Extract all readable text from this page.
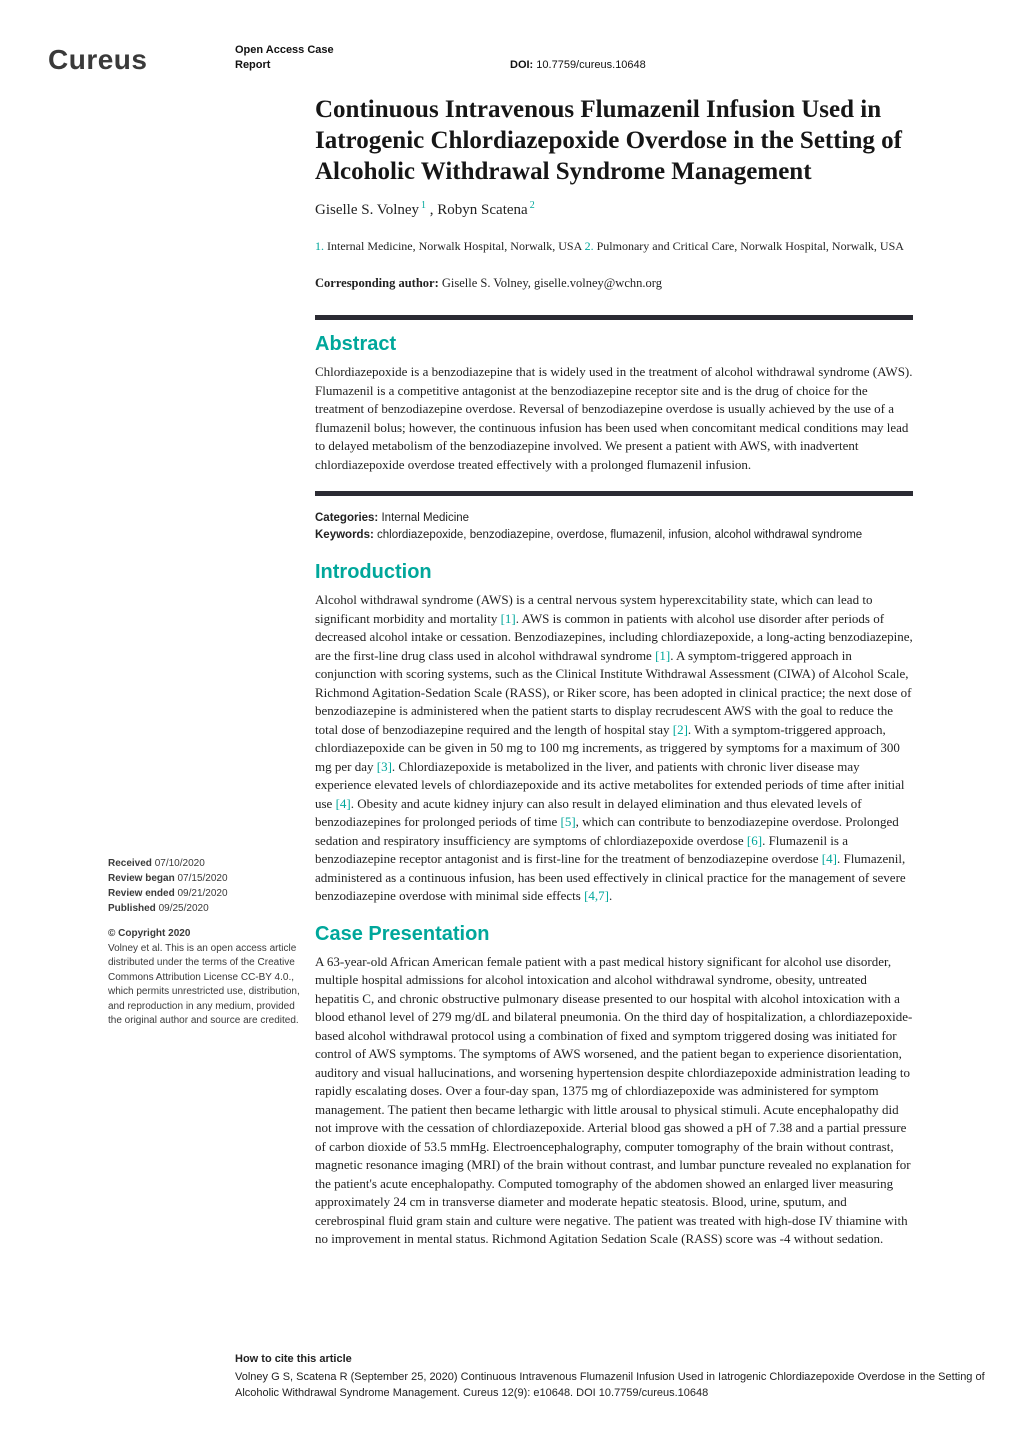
Cureus	Open Access Case
Report	DOI: 10.7759/cureus.10648
Continuous Intravenous Flumazenil Infusion Used in Iatrogenic Chlordiazepoxide Overdose in the Setting of Alcoholic Withdrawal Syndrome Management
Giselle S. Volney $^1$ , Robyn Scatena $^2$
1. Internal Medicine, Norwalk Hospital, Norwalk, USA 2. Pulmonary and Critical Care, Norwalk Hospital, Norwalk, USA
Corresponding author: Giselle S. Volney, giselle.volney@wchn.org
Abstract

Chlordiazepoxide is a benzodiazepine that is widely used in the treatment of alcohol withdrawal syndrome (AWS). Flumazenil is a competitive antagonist at the benzodiazepine receptor site and is the drug of choice for the treatment of benzodiazepine overdose. Reversal of benzodiazepine overdose is usually achieved by the use of a flumazenil bolus; however, the continuous infusion has been used when concomitant medical conditions may lead to delayed metabolism of the benzodiazepine involved. We present a patient with AWS, with inadvertent chlordiazepoxide overdose treated effectively with a prolonged flumazenil infusion.

Categories: Internal Medicine
Keywords: chlordiazepoxide, benzodiazepine, overdose, flumazenil, infusion, alcohol withdrawal syndrome
Introduction

Alcohol withdrawal syndrome (AWS) is a central nervous system hyperexcitability state, which can lead to significant morbidity and mortality [1]. AWS is common in patients with alcohol use disorder after periods of decreased alcohol intake or cessation. Benzodiazepines, including chlordiazepoxide, a long-acting benzodiazepine, are the first-line drug class used in alcohol withdrawal syndrome [1]. A symptom-triggered approach in conjunction with scoring systems, such as the Clinical Institute Withdrawal Assessment (CIWA) of Alcohol Scale, Richmond Agitation-Sedation Scale (RASS), or Riker score, has been adopted in clinical practice; the next dose of benzodiazepine is administered when the patient starts to display recrudescent AWS with the goal to reduce the total dose of benzodiazepine required and the length of hospital stay [2]. With a symptom-triggered approach, chlordiazepoxide can be given in 50 mg to 100 mg increments, as triggered by symptoms for a maximum of 300 mg per day [3]. Chlordiazepoxide is metabolized in the liver, and patients with chronic liver disease may experience elevated levels of chlordiazepoxide and its active metabolites for extended periods of time after initial use [4]. Obesity and acute kidney injury can also result in delayed elimination and thus elevated levels of benzodiazepines for prolonged periods of time [5], which can contribute to benzodiazepine overdose. Prolonged sedation and respiratory insufficiency are symptoms of chlordiazepoxide overdose [6]. Flumazenil is a benzodiazepine receptor antagonist and is first-line for the treatment of benzodiazepine overdose [4]. Flumazenil, administered as a continuous infusion, has been used effectively in clinical practice for the management of severe benzodiazepine overdose with minimal side effects [4,7].

Case Presentation

A 63-year-old African American female patient with a past medical history significant for alcohol use disorder, multiple hospital admissions for alcohol intoxication and alcohol withdrawal syndrome, obesity, untreated hepatitis C, and chronic obstructive pulmonary disease presented to our hospital with alcohol intoxication with a blood ethanol level of 279 mg/dL and bilateral pneumonia. On the third day of hospitalization, a chlordiazepoxide-based alcohol withdrawal protocol using a combination of fixed and symptom triggered dosing was initiated for control of AWS symptoms. The symptoms of AWS worsened, and the patient began to experience disorientation, auditory and visual hallucinations, and worsening hypertension despite chlordiazepoxide administration leading to rapidly escalating doses. Over a four-day span, 1375 mg of chlordiazepoxide was administered for symptom management. The patient then became lethargic with little arousal to physical stimuli. Acute encephalopathy did not improve with the cessation of chlordiazepoxide. Arterial blood gas showed a pH of 7.38 and a partial pressure of carbon dioxide of 53.5 mmHg. Electroencephalography, computer tomography of the brain without contrast, magnetic resonance imaging (MRI) of the brain without contrast, and lumbar puncture revealed no explanation for the patient's acute encephalopathy. Computed tomography of the abdomen showed an enlarged liver measuring approximately 24 cm in transverse diameter and moderate hepatic steatosis. Blood, urine, sputum, and cerebrospinal fluid gram stain and culture were negative. The patient was treated with high-dose IV thiamine with no improvement in mental status. Richmond Agitation Sedation Scale (RASS) score was -4 without sedation.

Received 07/10/2020
Review began 07/15/2020
Review ended 09/21/2020
Published 09/25/2020
© Copyright 2020
Volney et al. This is an open access article distributed under the terms of the Creative Commons Attribution License CC-BY 4.0., which permits unrestricted use, distribution, and reproduction in any medium, provided the original author and source are credited.
How to cite this article
Volney G S, Scatena R (September 25, 2020) Continuous Intravenous Flumazenil Infusion Used in Iatrogenic Chlordiazepoxide Overdose in the Setting of Alcoholic Withdrawal Syndrome Management. Cureus 12(9): e10648. DOI 10.7759/cureus.10648
